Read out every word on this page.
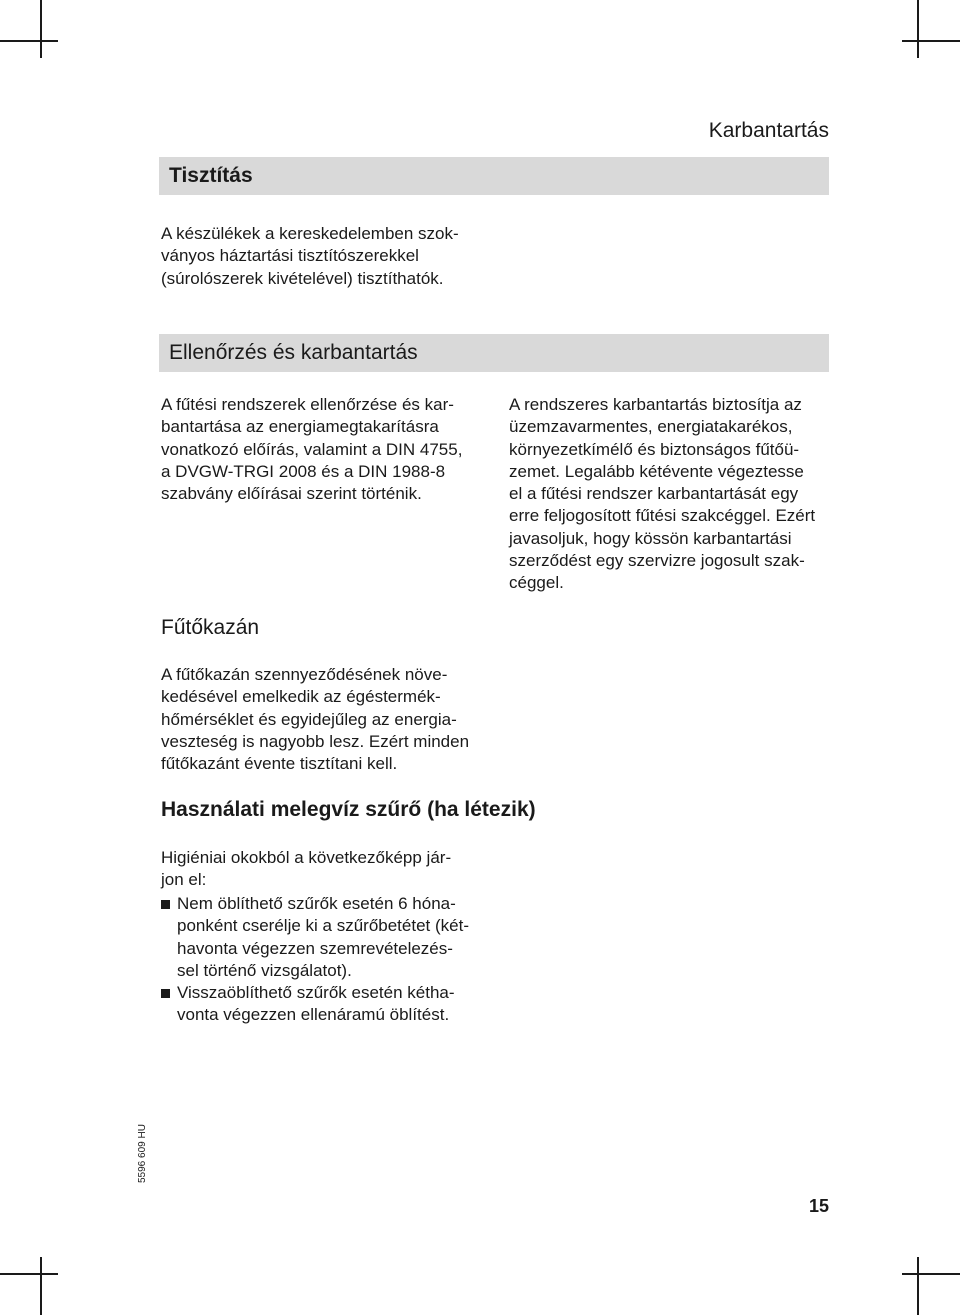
Karbantartás
Tisztítás
A készülékek a kereskedelemben szok-
ványos háztartási tisztítószerekkel
(súrolószerek kivételével) tisztíthatók.
Ellenőrzés és karbantartás
A fűtési rendszerek ellenőrzése és kar-
bantartása az energiamegtakarításra
vonatkozó előírás, valamint a DIN 4755,
a DVGW-TRGI 2008 és a DIN 1988-8
szabvány előírásai szerint történik.
A rendszeres karbantartás biztosítja az
üzemzavarmentes, energiatakarékos,
környezetkímélő és biztonságos fűtőü-
zemet. Legalább kétévente végeztesse
el a fűtési rendszer karbantartását egy
erre feljogosított fűtési szakcéggel. Ezért
javasoljuk, hogy kössön karbantartási
szerződést egy szervizre jogosult szak-
céggel.
Fűtőkazán
A fűtőkazán szennyeződésének növe-
kedésével emelkedik az égéstermék-
hőmérséklet és egyidejűleg az energia-
veszteség is nagyobb lesz. Ezért minden
fűtőkazánt évente tisztítani kell.
Használati melegvíz szűrő (ha létezik)
Higiéniai okokból a következőképp jár-
jon el:
Nem öblíthető szűrők esetén 6 hóna-
ponként cserélje ki a szűrőbetétet (két-
havonta végezzen szemrevételezés-
sel történő vizsgálatot).
Visszaöblíthető szűrők esetén kétha-
vonta végezzen ellenáramú öblítést.
5596 609 HU
15
